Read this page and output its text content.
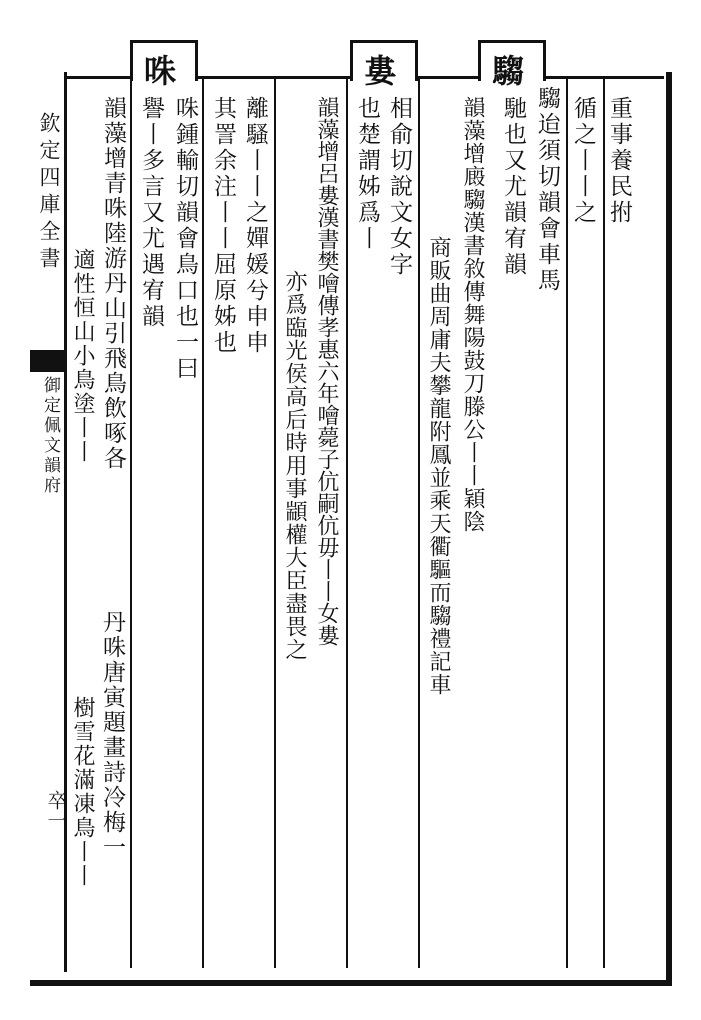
欽定四庫全書
御定佩文韻府
卒一
騶
婁
咮
重事養民拊
循之丨丨之
騶迨須切韻會車馬
馳也又尤韻宥韻
韻藻增廄騶漢書敘傳舞陽鼓刀滕公丨丨穎陰
商販曲周庸夫攀龍附鳳並乘天衢驅而騶禮記車
相俞切說文女字
也楚謂姊爲丨
韻藻增呂婁漢書樊噲傳孝惠六年噲薨子伉嗣伉毋丨丨女婁
亦爲臨光侯高后時用事顓權大臣盡畏之
離騷丨丨之嬋媛兮申申
其詈余注丨丨屈原姊也
咮鍾輸切韻會鳥口也一曰
譽丨多言又尤遇宥韻
韻藻增青咮陸游丹山引飛鳥飲啄各
適性恒山小鳥塗丨丨
丹咮唐寅題畫詩冷梅一
樹雪花滿凍鳥丨丨
